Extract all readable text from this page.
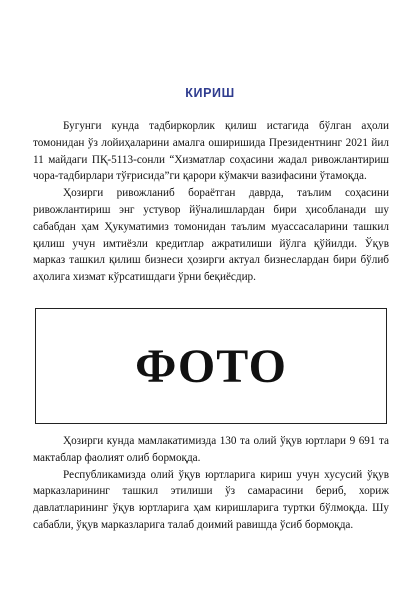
КИРИШ

Бугунги кунда тадбиркорлик қилиш истагида бўлган аҳоли томонидан ўз лойиҳаларини амалга оширишида Президентнинг 2021 йил 11 майдаги ПҚ-5113-сонли “Хизматлар соҳасини жадал ривожлантириш чора-тадбирлари тўғрисида”ги қарори кўмакчи вазифасини ўтамоқда.

Ҳозирги ривожланиб бораётган даврда, таълим соҳасини ривожлантириш энг устувор йўналишлардан бири ҳисобланади шу сабабдан ҳам Ҳукуматимиз томонидан таълим муассасаларини ташкил қилиш учун имтиёзли кредитлар ажратилиши йўлга қўйилди. Ўқув марказ ташкил қилиш бизнеси ҳозирги актуал бизнеслардан бири бўлиб аҳолига хизмат кўрсатишдаги ўрни беқиёсдир.

ФОТО

Ҳозирги кунда мамлакатимизда 130 та олий ўқув юртлари 9 691 та мактаблар фаолият олиб бормоқда.

Республикамизда олий ўқув юртларига кириш учун хусусий ўқув марказларининг ташкил этилиши ўз самарасини бериб, хориж давлатларининг ўқув юртларига ҳам киришларига туртки бўлмоқда. Шу сабабли, ўқув марказларига талаб доимий равишда ўсиб бормоқда.
